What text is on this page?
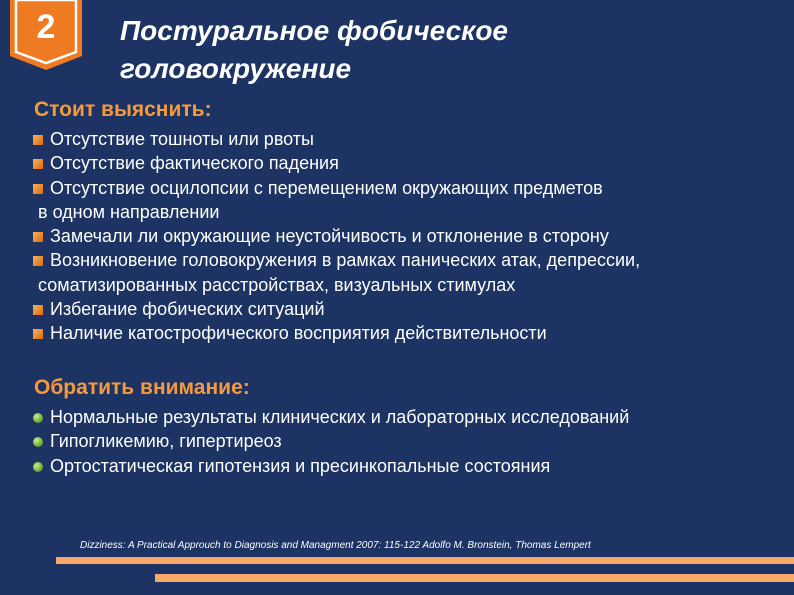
2	Постуральное фобическое
головокружение
Стоит выяснить:
Отсутствие тошноты или рвоты
Отсутствие фактического падения
Отсутствие осцилопсии с перемещением окружающих предметов
в одном направлении
Замечали ли окружающие неустойчивость и отклонение в сторону
Возникновение головокружения в рамках панических атак, депрессии,
соматизированных расстройствах, визуальных стимулах
Избегание фобических ситуаций
Наличие катострофического восприятия действительности
Обратить внимание:
Нормальные результаты клинических и лабораторных исследований
Гипогликемию, гипертиреоз
Ортостатическая гипотензия и пресинкопальные состояния
Dizziness: A Practical Approuch to Diagnosis and Managment 2007: 115-122 Adolfo M. Bronstein, Thomas Lempert
